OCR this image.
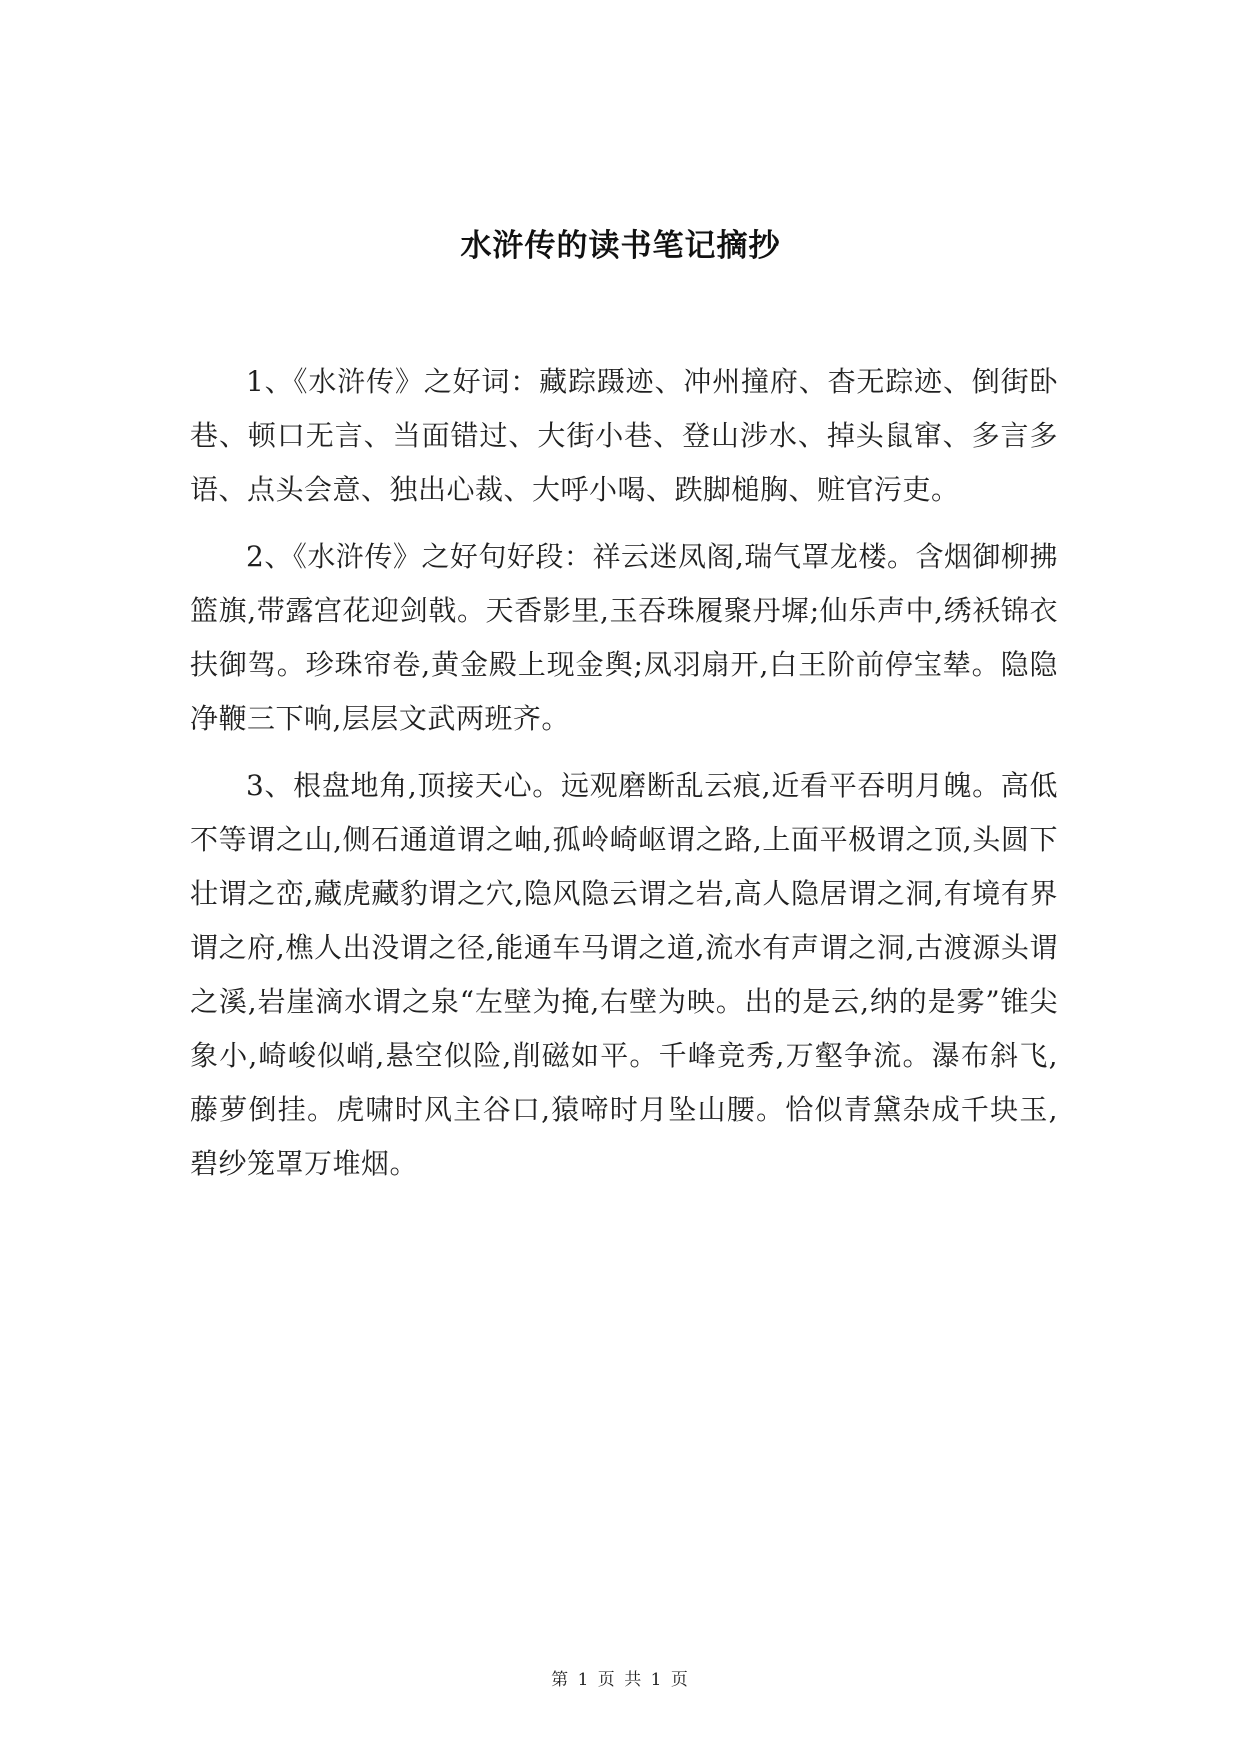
水浒传的读书笔记摘抄

1、《水浒传》之好词：藏踪蹑迹、冲州撞府、杳无踪迹、倒街卧巷、顿口无言、当面错过、大街小巷、登山涉水、掉头鼠窜、多言多语、点头会意、独出心裁、大呼小喝、跌脚槌胸、赃官污吏。

2、《水浒传》之好句好段：祥云迷凤阁,瑞气罩龙楼。含烟御柳拂篮旗,带露宫花迎剑戟。天香影里,玉吞珠履聚丹墀;仙乐声中,绣袄锦衣扶御驾。珍珠帘卷,黄金殿上现金舆;凤羽扇开,白王阶前停宝辇。隐隐净鞭三下响,层层文武两班齐。

3、根盘地角,顶接天心。远观磨断乱云痕,近看平吞明月魄。高低不等谓之山,侧石通道谓之岫,孤岭崎岖谓之路,上面平极谓之顶,头圆下壮谓之峦,藏虎藏豹谓之穴,隐风隐云谓之岩,高人隐居谓之洞,有境有界谓之府,樵人出没谓之径,能通车马谓之道,流水有声谓之洞,古渡源头谓之溪,岩崖滴水谓之泉“左壁为掩,右壁为映。出的是云,纳的是雾”锥尖象小,崎峻似峭,悬空似险,削磁如平。千峰竞秀,万壑争流。瀑布斜飞,藤萝倒挂。虎啸时风主谷口,猿啼时月坠山腰。恰似青黛杂成千块玉,碧纱笼罩万堆烟。

第 1 页 共 1 页
